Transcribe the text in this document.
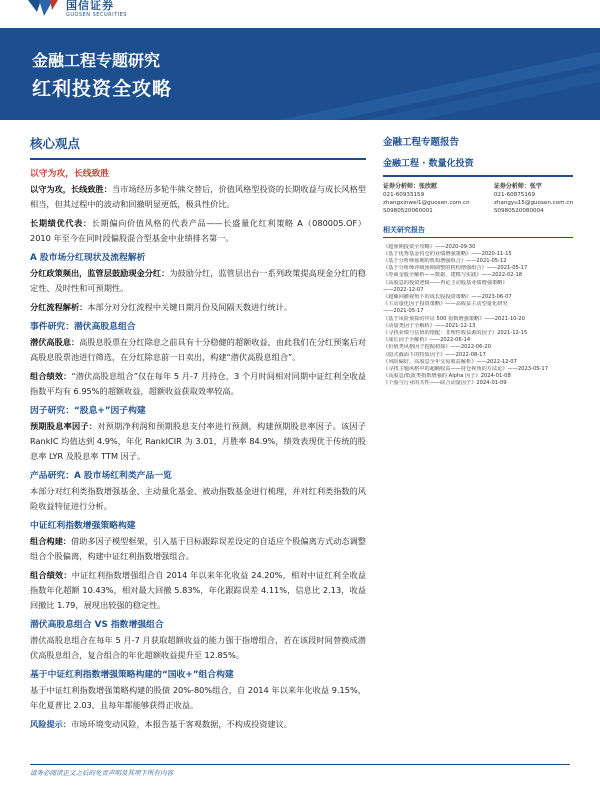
国信证券
GUOSEN SECURITIES
金融工程专题研究
红利投资全攻略
核心观点
以守为攻，长线致胜

以守为攻，长线致胜：当市场经历多轮牛熊交替后，价值风格型投资的长期收益与成长风格型相当，但其过程中的波动和回撤明显更低，极具性价比。

长期绩优代表：长期偏向价值风格的代表产品——长盛量化红利策略 A（080005.OF）2010 年至今在同时段偏股混合型基金中业绩排名第一。

A 股市场分红现状及流程解析

分红政策频出，监管层鼓励现金分红：为鼓励分红，监管层出台一系列政策提高现金分红的稳定性、及时性和可预期性。

分红流程解析：本部分对分红流程中关键日期月份及间隔天数进行统计。

事件研究：潜伏高股息组合

潜伏高股息：高股息股票在分红除息之前具有十分稳健的超额收益，由此我们在分红预案后对高股息股票池进行筛选，在分红除息前一日卖出，构建“潜伏高股息组合”。

组合绩效：“潜伏高股息组合”仅在每年 5 月-7 月持仓，3 个月时间相对同期中证红利全收益指数平均有 6.95%的超额收益，超额收益获取效率较高。

因子研究：“股息+”因子构建

预期股息率因子：对预期净利润和预期股息支付率进行预测，构建预期股息率因子。该因子 RankIC 均值达到 4.9%，年化 RankICIR 为 3.01，月胜率 84.9%，绩效表现优于传统的股息率 LYR 及股息率 TTM 因子。

产品研究：A 股市场红利类产品一览

本部分对红利类指数增强基金、主动量化基金、被动指数基金进行梳理，并对红利类指数的风险收益特征进行分析。

中证红利指数增强策略构建

组合构建：借助多因子模型框架，引入基于目标跟踪误差设定的自适应个股偏离方式动态调整组合个股偏离，构建中证红利指数增强组合。

组合绩效：中证红利指数增强组合自 2014 年以来年化收益 24.20%，相对中证红利全收益指数年化超额 10.43%，相对最大回撤 5.83%，年化跟踪误差 4.11%，信息比 2.13，收益回撤比 1.79，展现出较强的稳定性。

潜伏高股息组合 VS 指数增强组合

潜伏高股息组合在每年 5 月-7 月获取超额收益的能力强于指增组合，若在该段时间替换成潜伏高股息组合，复合组合的年化超额收益提升至 12.85%。

基于中证红利指数增强策略构建的“国收+”组合构建

基于中证红利指数增强策略构建的股债 20%-80%组合，自 2014 年以来年化收益 9.15%，年化夏普比 2.03，且每年都能够获得正收益。

风险提示：市场环境变动风险，本报告基于客观数据，不构成投资建议。

金融工程专题报告
金融工程 · 数量化投资
证券分析师：张欣慰
021-60933159
zhangxinwei1@guosen.com.cn
S0980520060001
证券分析师：张宇
021-60875169
zhangyu15@guosen.com.cn
S0980520080004
相关研究报告
《超预期投资全攻略》——2020-09-30
《基于优秀基金持仓的业绩增强策略》——2020-11-15
《基于分析师预期的机构增强组合》——2021-05-12
《基于分析师评级预期调整的机构增强组合》——2021-05-17
《券商金股全解析——数据、建模与实践》——2022-02-18
《高股息的投资逻辑——再论主动股基业绩增强策略》
——2022-12-07
《超额回撤视角下的成长股投资策略》——2023-06-07
《主动量化因子投资策略》——高收益主动型量化研究
——2021-05-17
《基于风险预算的中证 500 指数增强策略》——2021-10-20
《动量类因子全解析》——2021-12-13
《寻找业绩与估值的错配：非理性收益源的因子》2021-12-15
《成长因子全解析》——2022-06-14
《价值类风格因子挖掘初探》——2022-06-20
《隐式截面下的特质因子》——2022-08-17
《风险偏好、高股息全年交易收益解析》——2022-12-07
《寻找主题风格中的超额收益——持仓视角的方法论》——2023-05-17
《高股息/低波类指数增强的 Alpha 因子》2024-01-08
《个股与行业的共性——联合动量因子》2024-01-09
请务必阅读正文之后的免责声明及其项下所有内容
